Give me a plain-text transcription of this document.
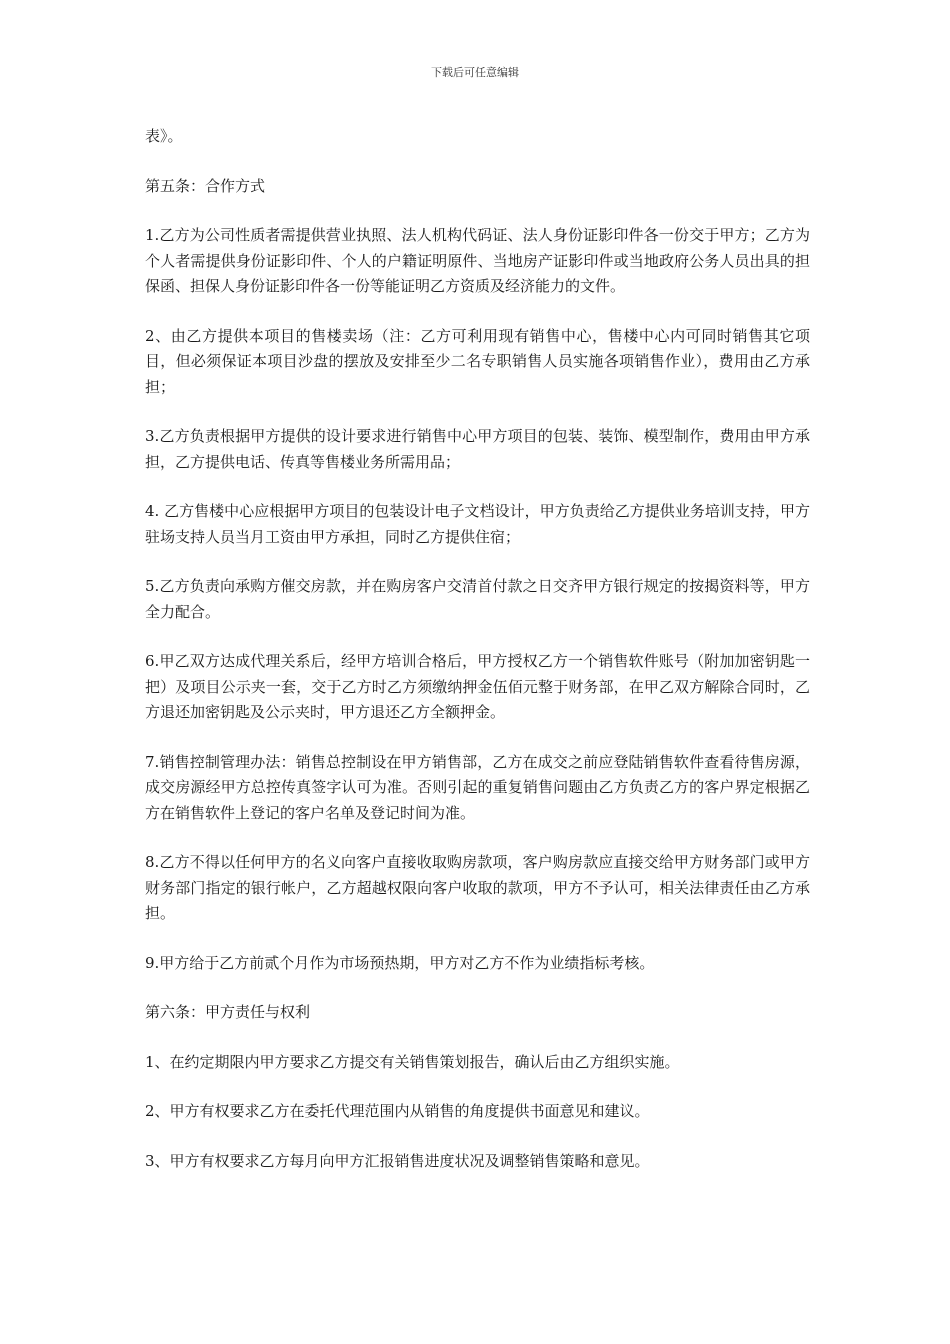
下载后可任意编辑

表》。

第五条：合作方式

1.乙方为公司性质者需提供营业执照、法人机构代码证、法人身份证影印件各一份交于甲方；乙方为个人者需提供身份证影印件、个人的户籍证明原件、当地房产证影印件或当地政府公务人员出具的担保函、担保人身份证影印件各一份等能证明乙方资质及经济能力的文件。

2、由乙方提供本项目的售楼卖场（注：乙方可利用现有销售中心，售楼中心内可同时销售其它项目，但必须保证本项目沙盘的摆放及安排至少二名专职销售人员实施各项销售作业），费用由乙方承担；

3.乙方负责根据甲方提供的设计要求进行销售中心甲方项目的包装、装饰、模型制作，费用由甲方承担，乙方提供电话、传真等售楼业务所需用品；

4. 乙方售楼中心应根据甲方项目的包装设计电子文档设计，甲方负责给乙方提供业务培训支持，甲方驻场支持人员当月工资由甲方承担，同时乙方提供住宿；

5.乙方负责向承购方催交房款，并在购房客户交清首付款之日交齐甲方银行规定的按揭资料等，甲方全力配合。

6.甲乙双方达成代理关系后，经甲方培训合格后，甲方授权乙方一个销售软件账号（附加加密钥匙一把）及项目公示夹一套，交于乙方时乙方须缴纳押金伍佰元整于财务部，在甲乙双方解除合同时，乙方退还加密钥匙及公示夹时，甲方退还乙方全额押金。

7.销售控制管理办法：销售总控制设在甲方销售部，乙方在成交之前应登陆销售软件查看待售房源，成交房源经甲方总控传真签字认可为准。否则引起的重复销售问题由乙方负责乙方的客户界定根据乙方在销售软件上登记的客户名单及登记时间为准。

8.乙方不得以任何甲方的名义向客户直接收取购房款项，客户购房款应直接交给甲方财务部门或甲方财务部门指定的银行帐户，乙方超越权限向客户收取的款项，甲方不予认可，相关法律责任由乙方承担。

9.甲方给于乙方前贰个月作为市场预热期，甲方对乙方不作为业绩指标考核。

第六条：甲方责任与权利

1、在约定期限内甲方要求乙方提交有关销售策划报告，确认后由乙方组织实施。

2、甲方有权要求乙方在委托代理范围内从销售的角度提供书面意见和建议。

3、甲方有权要求乙方每月向甲方汇报销售进度状况及调整销售策略和意见。
